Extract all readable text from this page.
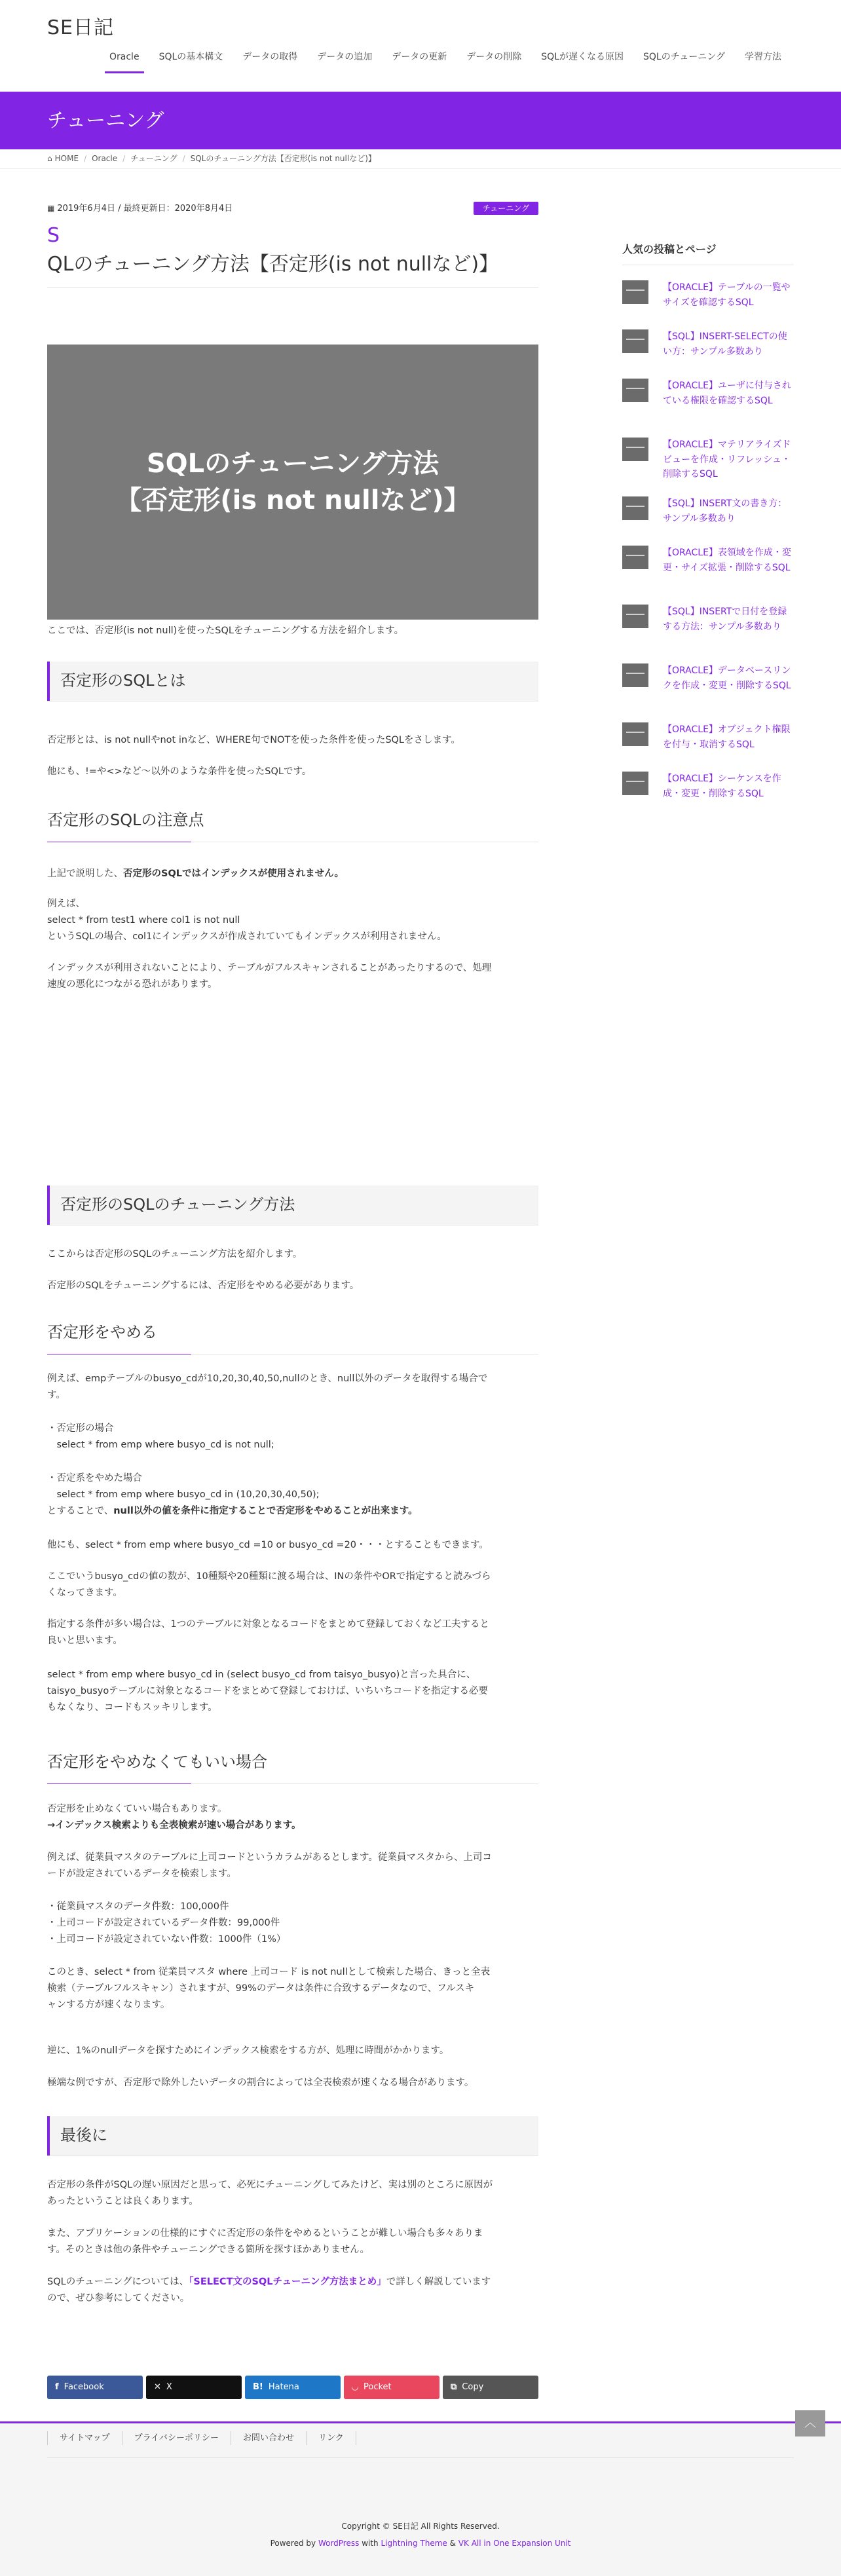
SE日記
Oracle	SQLの基本構文	データの取得	データの追加	データの更新	データの削除	SQLが遅くなる原因	SQLのチューニング	学習方法
チューニング
⌂ HOME / Oracle / チューニング / SQLのチューニング方法【否定形(is not nullなど)】
▦ 2019年6月4日 / 最終更新日：2020年8月4日	チューニング
S
QLのチューニング方法【否定形(is not nullなど)】
SQLのチューニング方法
【否定形(is not nullなど)】
ここでは、否定形(is not null)を使ったSQLをチューニングする方法を紹介します。
否定形のSQLとは
否定形とは、is not nullやnot inなど、WHERE句でNOTを使った条件を使ったSQLをさします。
他にも、!=や<>など〜以外のような条件を使ったSQLです。
否定形のSQLの注意点
上記で説明した、否定形のSQLではインデックスが使用されません。
例えば、
select * from test1 where col1 is not null
というSQLの場合、col1にインデックスが作成されていてもインデックスが利用されません。
インデックスが利用されないことにより、テーブルがフルスキャンされることがあったりするので、処理
速度の悪化につながる恐れがあります。
否定形のSQLのチューニング方法
ここからは否定形のSQLのチューニング方法を紹介します。
否定形のSQLをチューニングするには、否定形をやめる必要があります。
否定形をやめる
例えば、empテーブルのbusyo_cdが10,20,30,40,50,nullのとき、null以外のデータを取得する場合で
す。
・否定形の場合
　select * from emp where busyo_cd is not null;
・否定系をやめた場合
　select * from emp where busyo_cd in (10,20,30,40,50);
とすることで、null以外の値を条件に指定することで否定形をやめることが出来ます。
他にも、select * from emp where busyo_cd =10 or busyo_cd =20・・・とすることもできます。
ここでいうbusyo_cdの値の数が、10種類や20種類に渡る場合は、INの条件やORで指定すると読みづら
くなってきます。
指定する条件が多い場合は、1つのテーブルに対象となるコードをまとめて登録しておくなど工夫すると
良いと思います。
select * from emp where busyo_cd in (select busyo_cd from taisyo_busyo)と言った具合に、
taisyo_busyoテーブルに対象となるコードをまとめて登録しておけば、いちいちコードを指定する必要
もなくなり、コードもスッキリします。
否定形をやめなくてもいい場合
否定形を止めなくていい場合もあります。
→インデックス検索よりも全表検索が速い場合があります。
例えば、従業員マスタのテーブルに上司コードというカラムがあるとします。従業員マスタから、上司コ
ードが設定されているデータを検索します。
・従業員マスタのデータ件数：100,000件
・上司コードが設定されているデータ件数：99,000件
・上司コードが設定されていない件数：1000件（1%）
このとき、select * from 従業員マスタ where 上司コード is not nullとして検索した場合、きっと全表
検索（テーブルフルスキャン）されますが、99%のデータは条件に合致するデータなので、フルスキ
ャンする方が速くなります。
逆に、1%のnullデータを探すためにインデックス検索をする方が、処理に時間がかかります。
極端な例ですが、否定形で除外したいデータの割合によっては全表検索が速くなる場合があります。
最後に
否定形の条件がSQLの遅い原因だと思って、必死にチューニングしてみたけど、実は別のところに原因が
あったということは良くあります。
また、アプリケーションの仕様的にすぐに否定形の条件をやめるということが難しい場合も多々ありま
す。そのときは他の条件やチューニングできる箇所を探すほかありません。
SQLのチューニングについては、「SELECT文のSQLチューニング方法まとめ」で詳しく解説しています
ので、ぜひ参考にしてください。
f Facebook	✕ X	B! Hatena	◡ Pocket	⧉ Copy
人気の投稿とページ
【ORACLE】テーブルの一覧やサイズを確認するSQL
【SQL】INSERT-SELECTの使い方：サンプル多数あり
【ORACLE】ユーザに付与されている権限を確認するSQL
【ORACLE】マテリアライズドビューを作成・リフレッシュ・削除するSQL
【SQL】INSERT文の書き方：サンプル多数あり
【ORACLE】表領域を作成・変更・サイズ拡張・削除するSQL
【SQL】INSERTで日付を登録する方法：サンプル多数あり
【ORACLE】データベースリンクを作成・変更・削除するSQL
【ORACLE】オブジェクト権限を付与・取消するSQL
【ORACLE】シーケンスを作成・変更・削除するSQL
サイトマップ	プライバシーポリシー	お問い合わせ	リンク
Copyright © SE日記 All Rights Reserved.
Powered by WordPress with Lightning Theme & VK All in One Expansion Unit
︿
